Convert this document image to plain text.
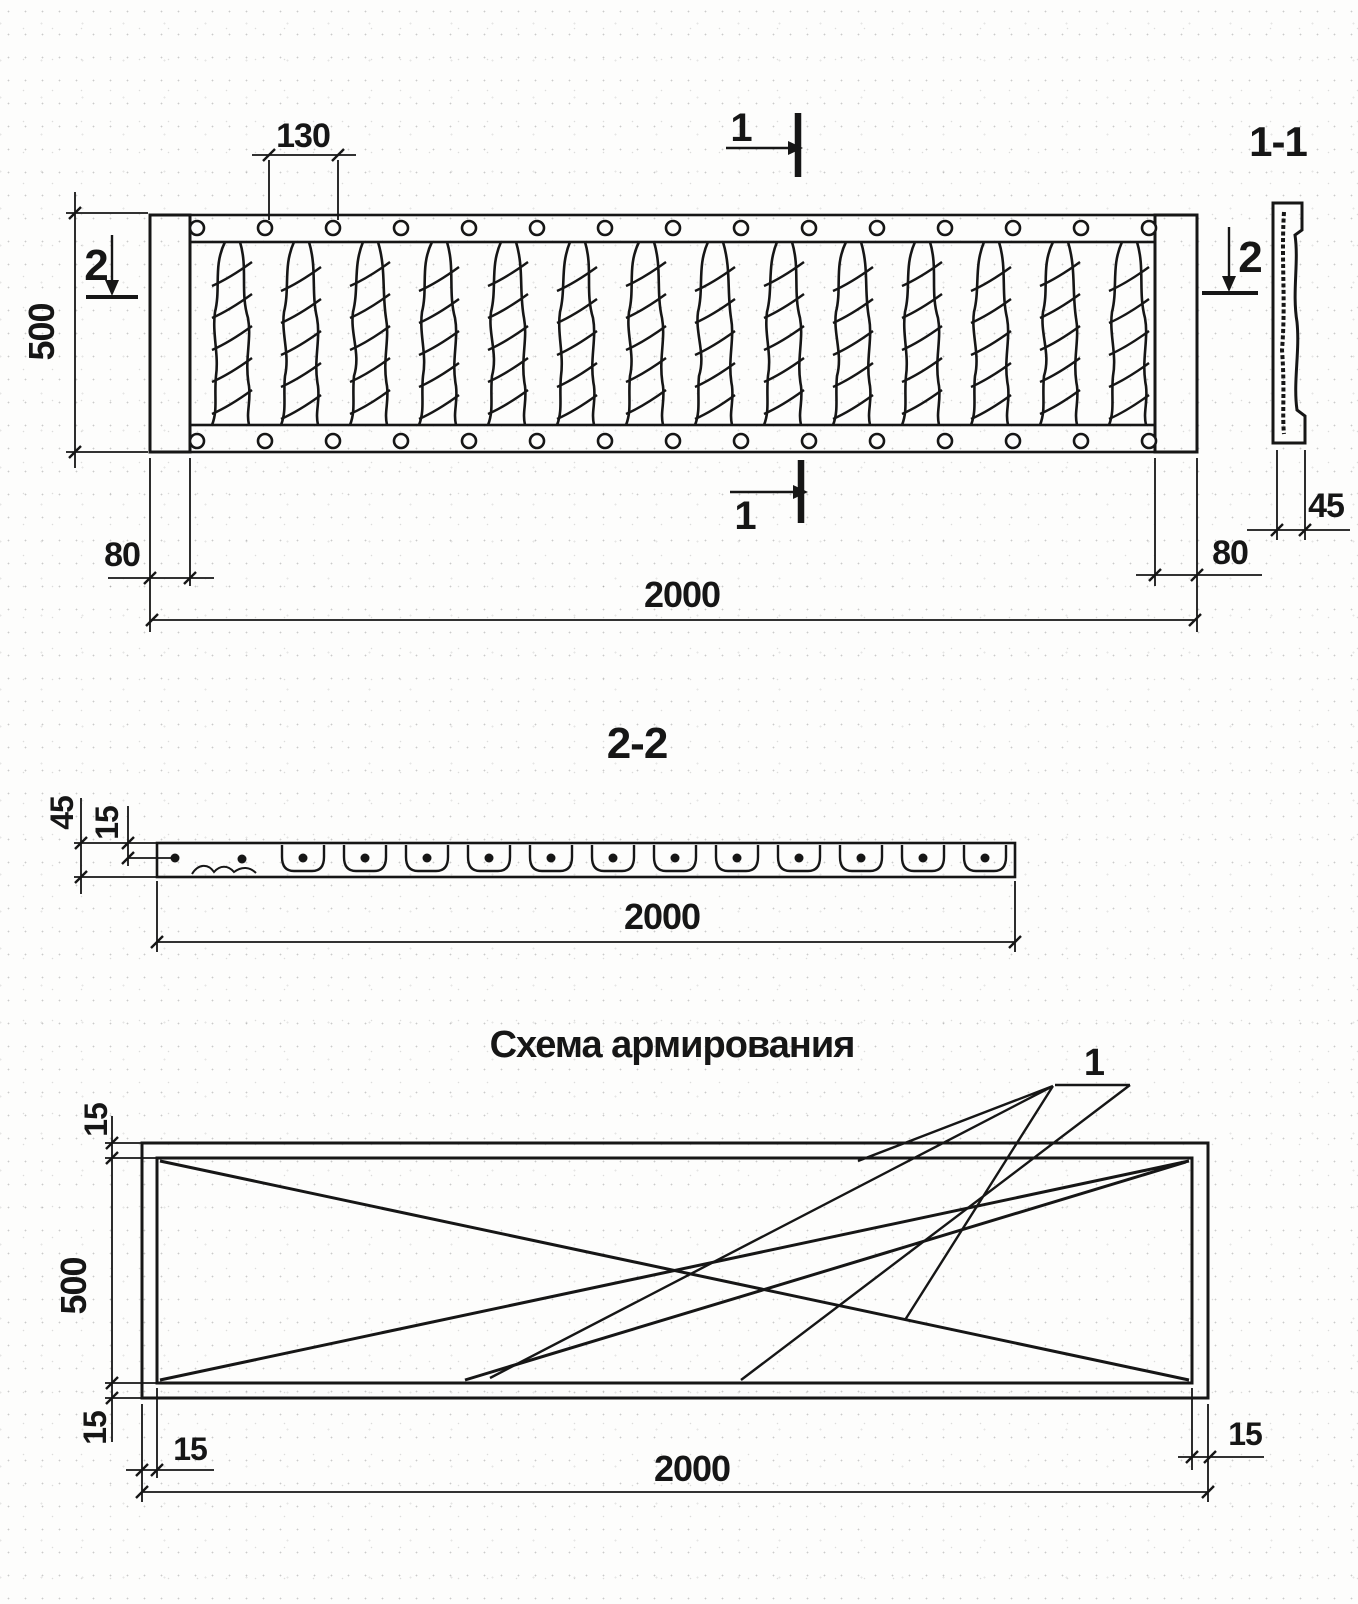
130
500
2	2
1
1
80	80
2000
1-1
45
2-2
45 15
2000
Схема армирования	1
15
500
15
15	2000
15
